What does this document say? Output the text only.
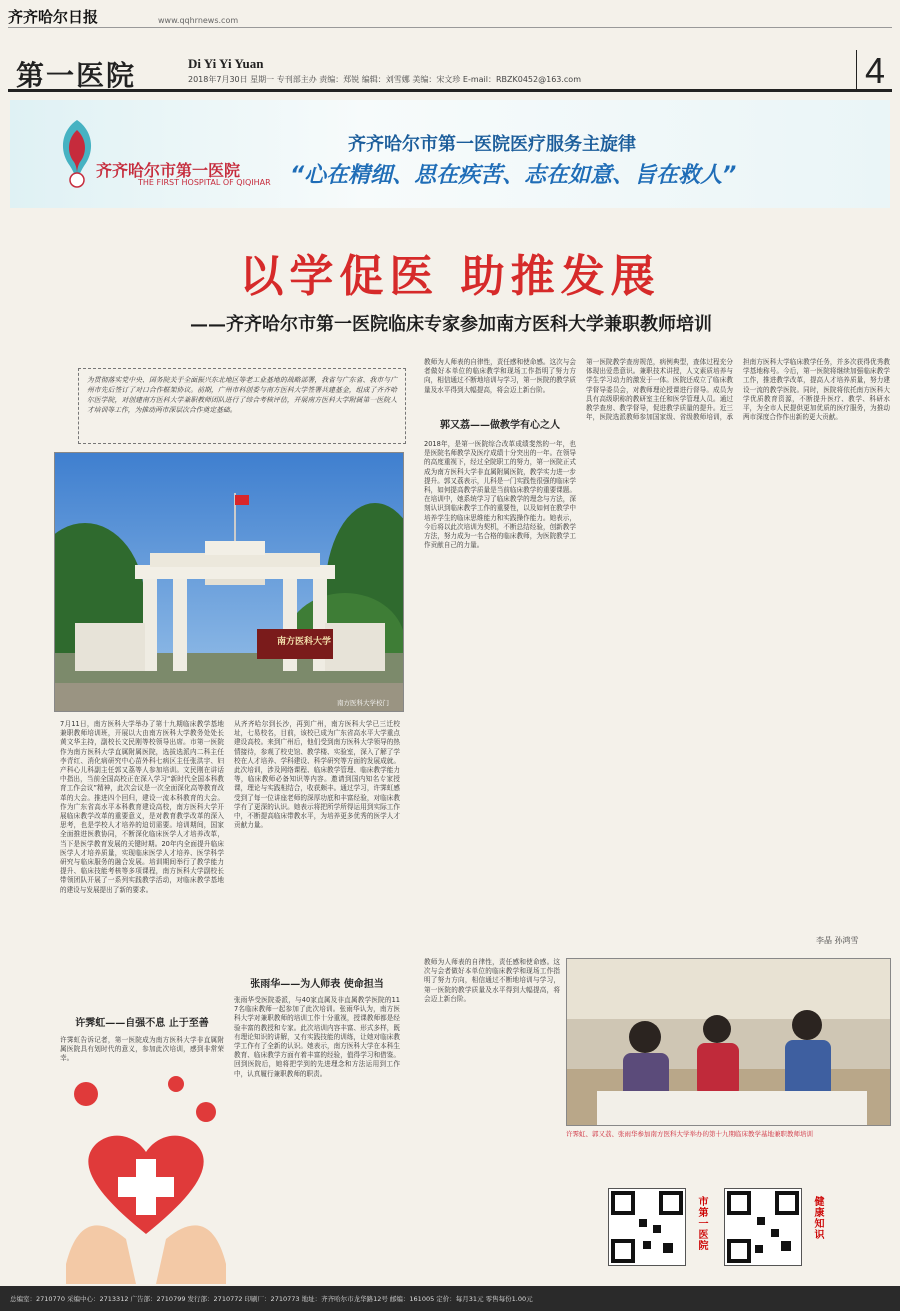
齐齐哈尔日报	www.qqhrnews.com
第一医院	Di Yi Yi Yuan
2018年7月30日 星期一 专刊部主办 责编：郑锐 编辑：刘雪娜 美编：宋文珍 E-mail：RBZK0452@163.com	4
齐齐哈尔市第一医院
THE FIRST HOSPITAL OF QIQIHAR
齐齐哈尔市第一医院医疗服务主旋律
“心在精细、思在疾苦、志在如意、旨在救人”
以学促医 助推发展
——齐齐哈尔市第一医院临床专家参加南方医科大学兼职教师培训
为贯彻落实党中央、国务院关于全面振兴东北地区等老工业基地的战略部署，我省与广东省、我市与广州市先后签订了对口合作框架协议。前期，广州市科创委与南方医科大学签署共建基金，组成了齐齐哈尔医学院，对创建南方医科大学兼职教师团队进行了综合考核评估，开展南方医科大学附属第一医院人才培训等工作，为推动两市深层次合作奠定基础。
南方医科大学
南方医科大学校门
7月11日，南方医科大学举办了第十九期临床教学基地兼职教师培训班，开展以大由南方医科大学教务处处长黄文华主持，副校长文民刚等校领导出席。市第一医院作为南方医科大学直属附属医院，选拔选派内二科主任李青红、消化病研究中心苗外科七病区主任张洪宇、妇产科心儿科副主任郭又荔等人参加培训。文民刚在讲话中指出，当前全国高校正在深入学习“新时代全国本科教育工作会议”精神，此次会议是一次全面深化高等教育改革的大会。推进四个回归，建设一流本科教育的大会。作为广东省高水平本科教育建设高校，南方医科大学开展临床教学改革的重要意义，是对教育教学改革的深入思考，也是学校人才培养的迫切需要。培训期间，国家全面推进医教协同，不断深化临床医学人才培养改革，当下是医学教育发展的关键时期。20年内全面提升临床医学人才培养质量，实现临床医学人才培养、医学科学研究与临床服务的融合发展。培训期间举行了教学能力提升、临床技能考核等多项课程，南方医科大学副校长带领团队开展了一系列实践教学活动，对临床教学基地的建设与发展提出了新的要求。
许霁虹——自强不息 止于至善
许霁虹告诉记者，第一医院成为南方医科大学非直属附属医院具有划时代的意义，参加此次培训，感到非常荣幸。
从齐齐哈尔到长沙，再到广州，南方医科大学已三迁校址，七易校名，目前，该校已成为广东省高水平大学重点建设高校。来到广州后，他们受到南方医科大学领导的热情接待，参观了校史馆、教学楼、实验室，深入了解了学校在人才培养、学科建设、科学研究等方面的发展成就。此次培训，涉及网络课程、临床教学管理、临床教学能力等，临床教师必备知识等内容。邀请到国内知名专家授课，理论与实践相结合，收获颇丰。通过学习，许霁虹感受到了每一位讲座老师的深厚功底和丰富经验，对临床教学有了更深的认识。她表示将把所学所得运用到实际工作中，不断提高临床带教水平，为培养更多优秀的医学人才贡献力量。
张雨华——为人师表 使命担当
张雨华受医院委派，与40家直属及非直属教学医院的117名临床教师一起参加了此次培训。张雨华认为，南方医科大学对兼职教师的培训工作十分重视，授课教师都是经验丰富的教授和专家。此次培训内容丰富、形式多样，既有理论知识的讲解，又有实践技能的训练，让她对临床教学工作有了全新的认识。她表示，南方医科大学在本科生教育、临床教学方面有着丰富的经验，值得学习和借鉴。回到医院后，她将把学到的先进理念和方法运用到工作中，认真履行兼职教师的职责。
教师为人师表的自律性，责任感和使命感。这次与会者做好本单位的临床教学和现场工作指明了努力方向，相信通过不断地培训与学习，第一医院的教学质量及水平得到大幅提高，将会迈上新台阶。
郭又荔——做教学有心之人
2018年，是第一医院综合改革成绩斐然的一年，也是医院名师教学及医疗成绩十分突出的一年。在领导的高度重视下，经过全院职工的努力，第一医院正式成为南方医科大学非直属附属医院，教学实力进一步提升。郭又荔表示，儿科是一门实践性很强的临床学科，如何提高教学质量是当前临床教学的重要课题。在培训中，她系统学习了临床教学的理念与方法，深刻认识到临床教学工作的重要性，以及如何在教学中培养学生的临床思维能力和实践操作能力。她表示，今后将以此次培训为契机，不断总结经验，创新教学方法，努力成为一名合格的临床教师，为医院教学工作贡献自己的力量。
教师为人师表的自律性，责任感和使命感。这次与会者做好本单位的临床教学和现场工作指明了努力方向，相信通过不断地培训与学习，第一医院的教学质量及水平得到大幅提高，将会迈上新台阶。
第一医院教学查房规范，病例典型，查体过程充分体现出爱患意识。兼职技术讲授，人文素质培养与学生学习动力的激发于一体。医院还成立了临床教学督导委员会，对教师理论授课进行督导。成员为具有高级职称的教研室主任和医学管理人员。通过教学查房、教学督导，促进教学质量的提升。近三年，医院选派教师参加国家级、省级教师培训，承担南方医科大学临床教学任务，并多次获得优秀教学基地称号。今后，第一医院将继续加强临床教学工作，推进教学改革，提高人才培养质量，努力建设一流的教学医院。同时，医院将依托南方医科大学优质教育资源，不断提升医疗、教学、科研水平，为全市人民提供更加优质的医疗服务，为推动两市深度合作作出新的更大贡献。
李晶 孙鸿雪
许霁虹、郭又荔、张雨华参加南方医科大学举办的第十九期临床教学基地兼职教师培训
市第一医院	健康知识
总编室：2710770 采编中心：2713312 广告部：2710799 发行部：2710772 印刷厂：2710773 地址：齐齐哈尔市龙华路12号 邮编：161005 定价：每月31元 零售每份1.00元
